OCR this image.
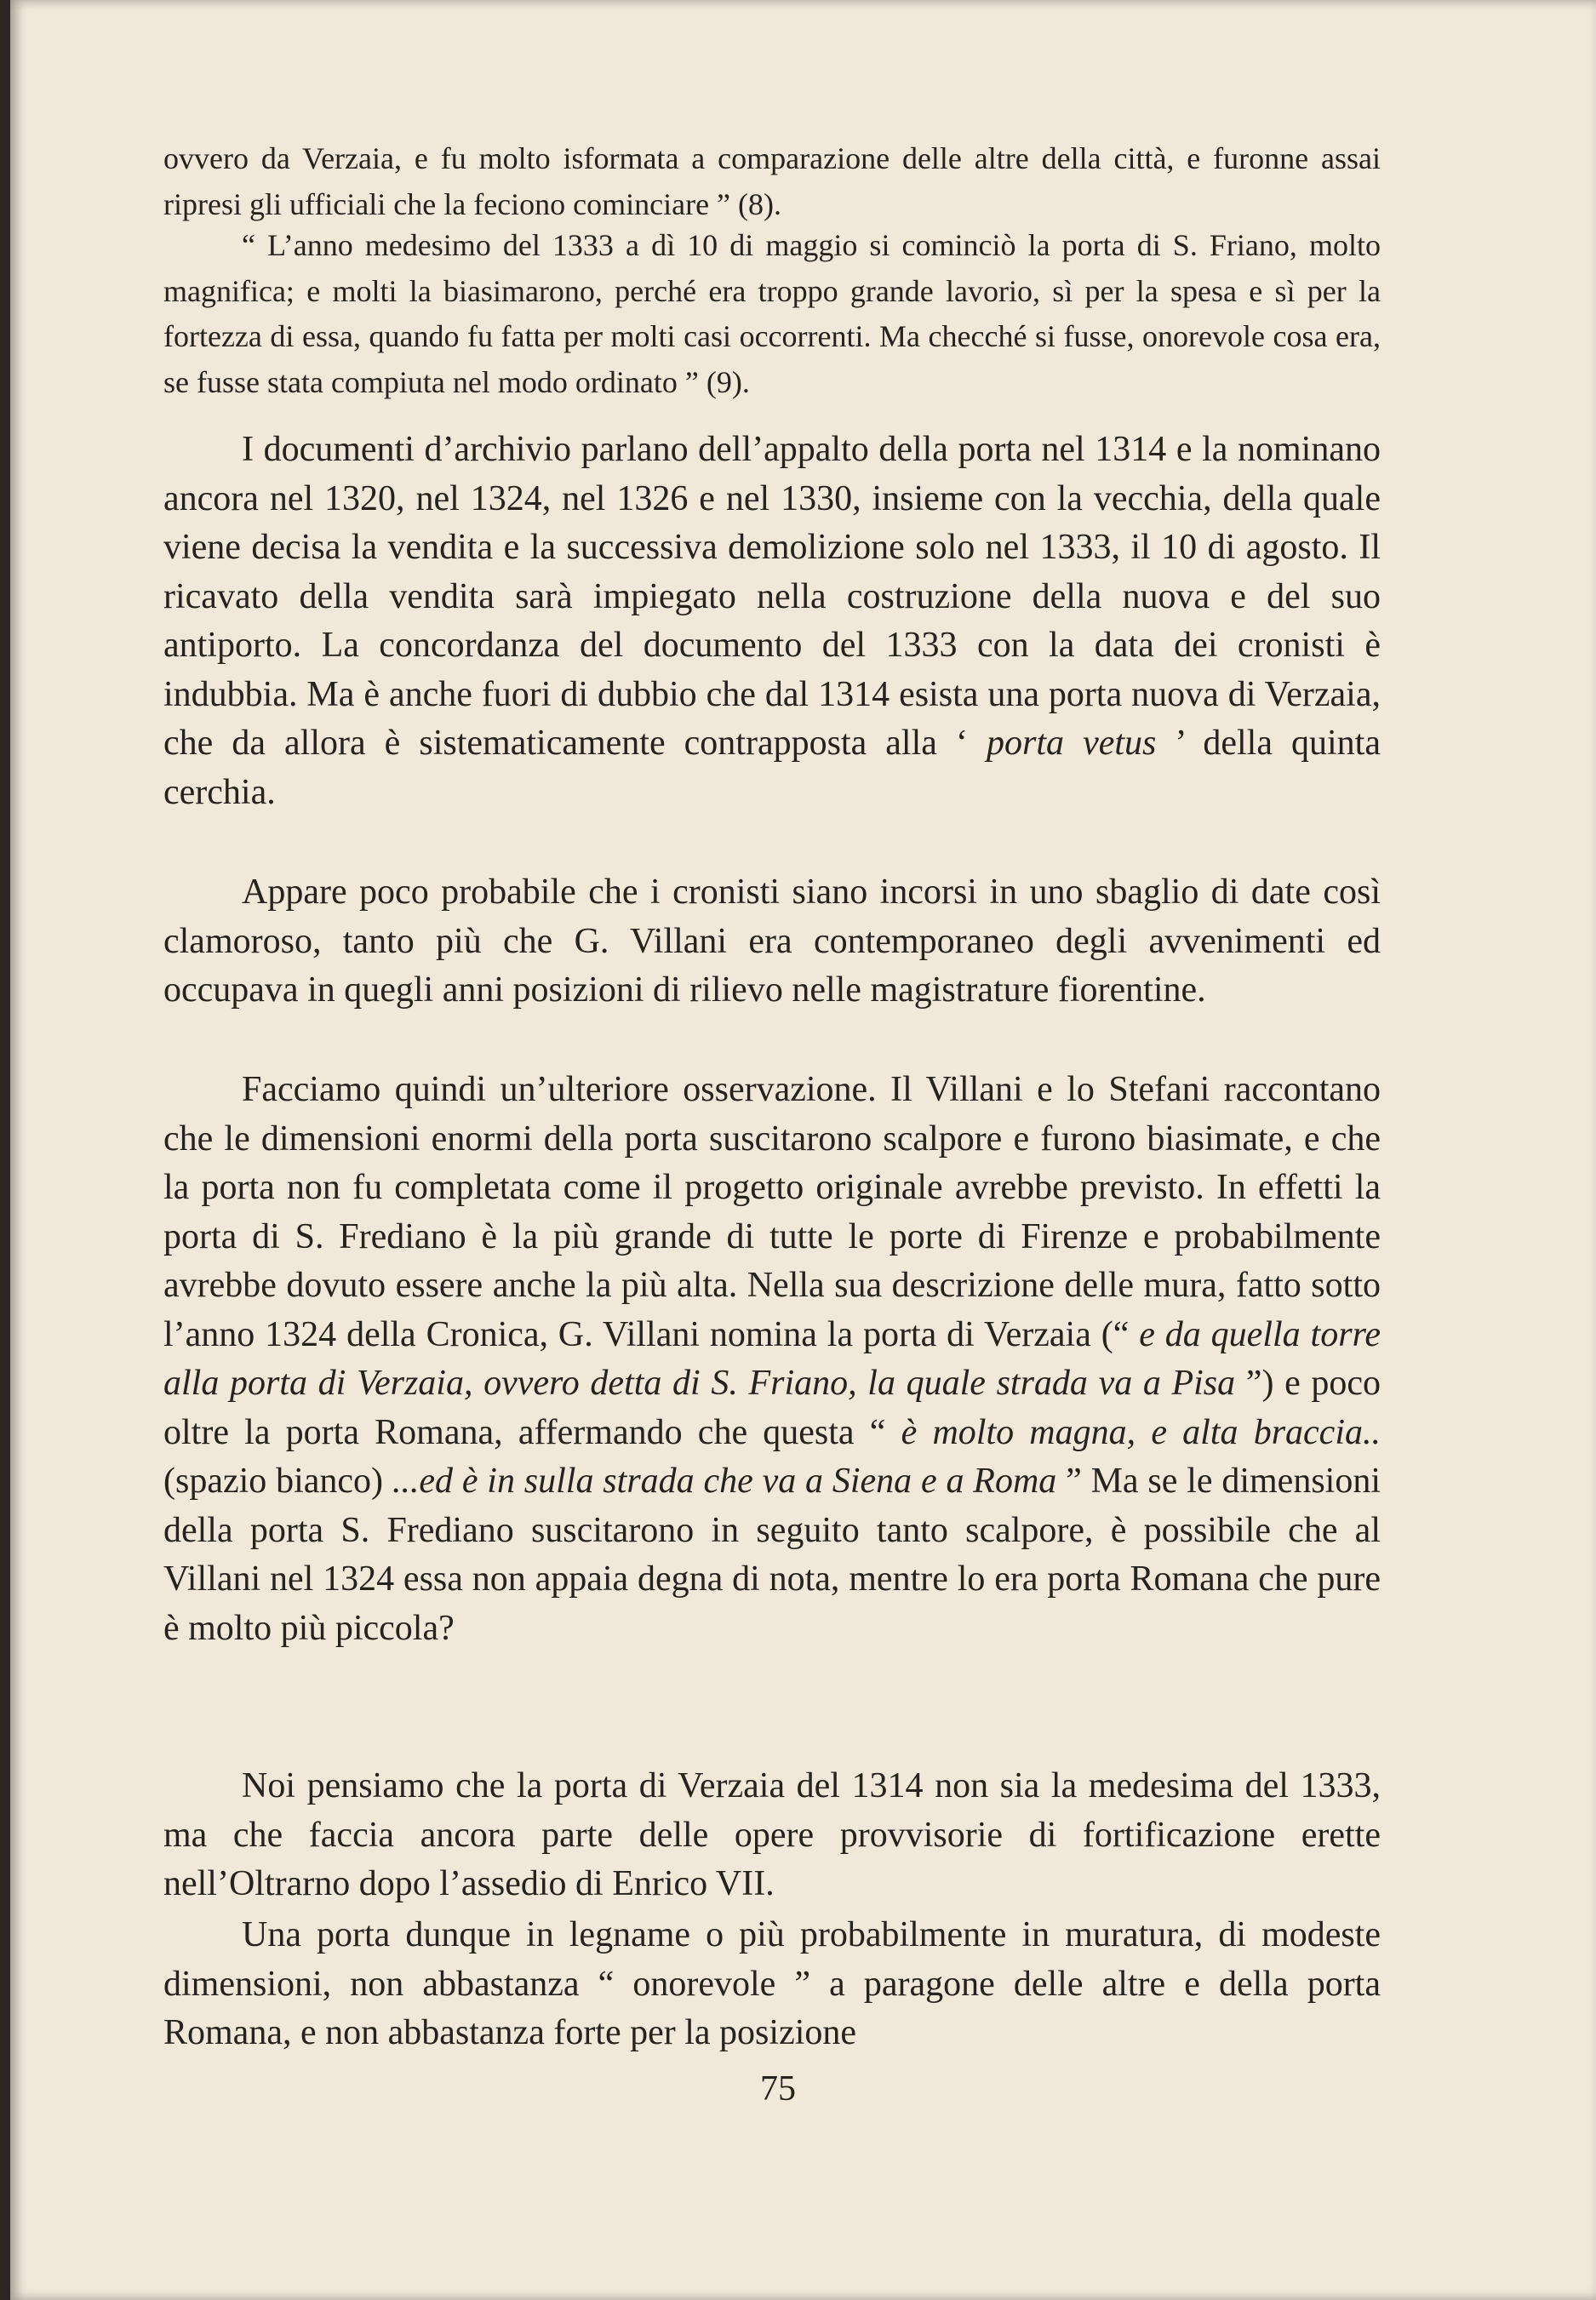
ovvero da Verzaia, e fu molto isformata a comparazione delle altre della città, e furonne assai ripresi gli ufficiali che la feciono cominciare ” (8).

“ L’anno medesimo del 1333 a dì 10 di maggio si cominciò la porta di S. Friano, molto magnifica; e molti la biasimarono, perché era troppo grande lavorio, sì per la spesa e sì per la fortezza di essa, quando fu fatta per molti casi occorrenti. Ma checché si fusse, onorevole cosa era, se fusse stata compiuta nel modo ordinato ” (9).

I documenti d’archivio parlano dell’appalto della porta nel 1314 e la nominano ancora nel 1320, nel 1324, nel 1326 e nel 1330, insieme con la vecchia, della quale viene decisa la vendita e la successiva demolizione solo nel 1333, il 10 di agosto. Il ricavato della vendita sarà impiegato nella costruzione della nuova e del suo antiporto. La concordanza del documento del 1333 con la data dei cronisti è indubbia. Ma è anche fuori di dubbio che dal 1314 esista una porta nuova di Verzaia, che da allora è sistematicamente contrapposta alla ‘ porta vetus ’ della quinta cerchia.

Appare poco probabile che i cronisti siano incorsi in uno sbaglio di date così clamoroso, tanto più che G. Villani era contemporaneo degli avvenimenti ed occupava in quegli anni posizioni di rilievo nelle magistrature fiorentine.

Facciamo quindi un’ulteriore osservazione. Il Villani e lo Stefani raccontano che le dimensioni enormi della porta suscitarono scalpore e furono biasimate, e che la porta non fu completata come il progetto originale avrebbe previsto. In effetti la porta di S. Frediano è la più grande di tutte le porte di Firenze e probabilmente avrebbe dovuto essere anche la più alta. Nella sua descrizione delle mura, fatto sotto l’anno 1324 della Cronica, G. Villani nomina la porta di Verzaia (“ e da quella torre alla porta di Verzaia, ovvero detta di S. Friano, la quale strada va a Pisa ”) e poco oltre la porta Romana, affermando che questa “ è molto magna, e alta braccia.. (spazio bianco) ...ed è in sulla strada che va a Siena e a Roma ” Ma se le dimensioni della porta S. Frediano suscitarono in seguito tanto scalpore, è possibile che al Villani nel 1324 essa non appaia degna di nota, mentre lo era porta Romana che pure è molto più piccola?

Noi pensiamo che la porta di Verzaia del 1314 non sia la medesima del 1333, ma che faccia ancora parte delle opere provvisorie di fortificazione erette nell’Oltrarno dopo l’assedio di Enrico VII.

Una porta dunque in legname o più probabilmente in muratura, di modeste dimensioni, non abbastanza “ onorevole ” a paragone delle altre e della porta Romana, e non abbastanza forte per la posizione

75
